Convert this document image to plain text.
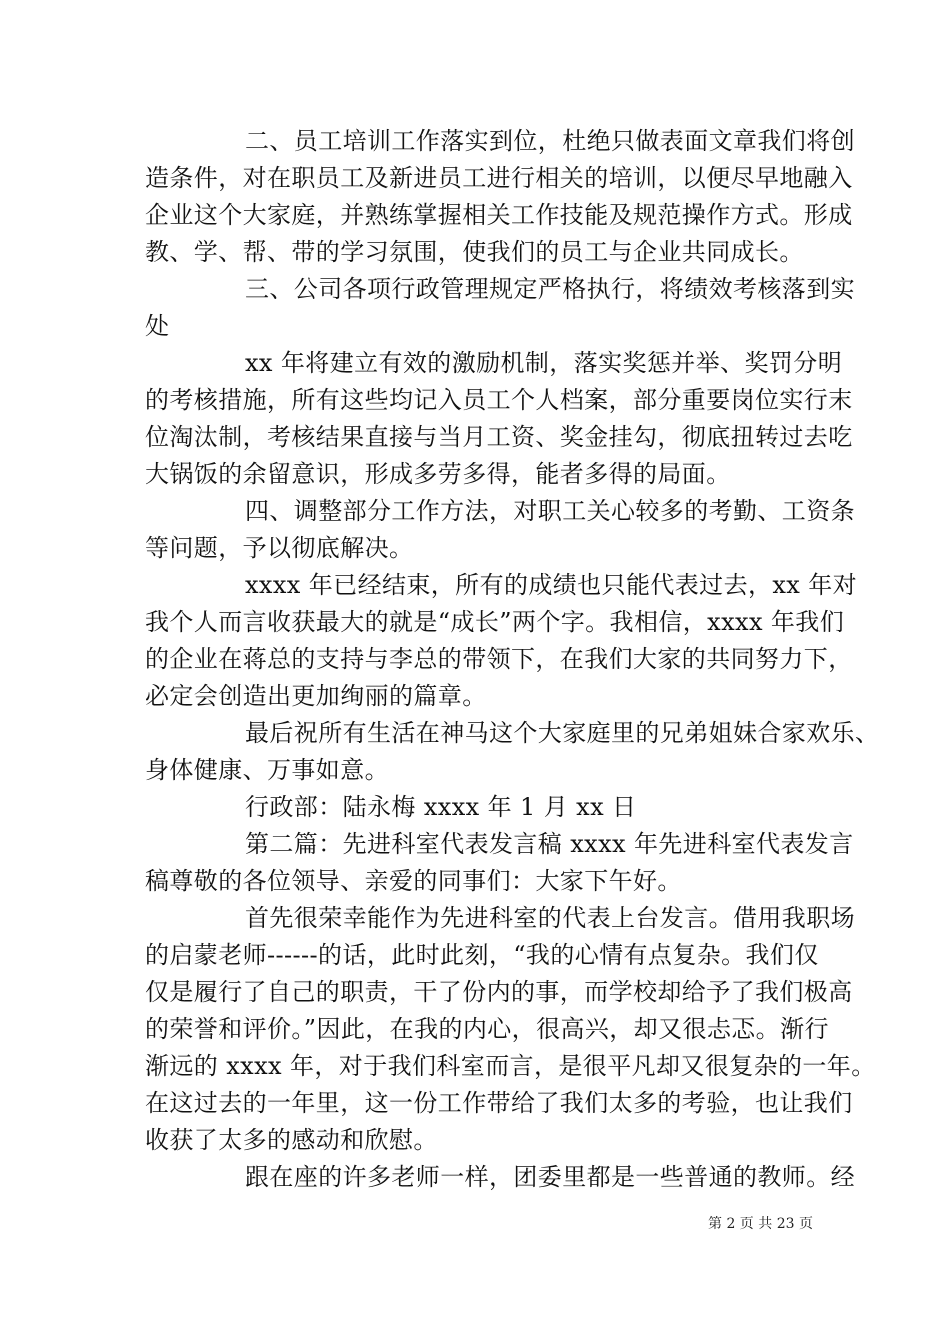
二、员工培训工作落实到位，杜绝只做表面文章我们将创
造条件，对在职员工及新进员工进行相关的培训，以便尽早地融入
企业这个大家庭，并熟练掌握相关工作技能及规范操作方式。形成
教、学、帮、带的学习氛围，使我们的员工与企业共同成长。
三、公司各项行政管理规定严格执行，将绩效考核落到实
处
xx 年将建立有效的激励机制，落实奖惩并举、奖罚分明
的考核措施，所有这些均记入员工个人档案，部分重要岗位实行末
位淘汰制，考核结果直接与当月工资、奖金挂勾，彻底扭转过去吃
大锅饭的余留意识，形成多劳多得，能者多得的局面。
四、调整部分工作方法，对职工关心较多的考勤、工资条
等问题，予以彻底解决。
xxxx 年已经结束，所有的成绩也只能代表过去，xx 年对
我个人而言收获最大的就是“成长”两个字。我相信，xxxx 年我们
的企业在蒋总的支持与李总的带领下，在我们大家的共同努力下，
必定会创造出更加绚丽的篇章。
最后祝所有生活在神马这个大家庭里的兄弟姐妹合家欢乐、
身体健康、万事如意。
行政部：陆永梅 xxxx 年 1 月 xx 日
第二篇：先进科室代表发言稿 xxxx 年先进科室代表发言
稿尊敬的各位领导、亲爱的同事们：大家下午好。
首先很荣幸能作为先进科室的代表上台发言。借用我职场
的启蒙老师------的话，此时此刻，“我的心情有点复杂。我们仅
仅是履行了自己的职责，干了份内的事，而学校却给予了我们极高
的荣誉和评价。”因此，在我的内心，很高兴，却又很忐忑。渐行
渐远的 xxxx 年，对于我们科室而言，是很平凡却又很复杂的一年。
在这过去的一年里，这一份工作带给了我们太多的考验，也让我们
收获了太多的感动和欣慰。
跟在座的许多老师一样，团委里都是一些普通的教师。经
第 2 页 共 23 页
